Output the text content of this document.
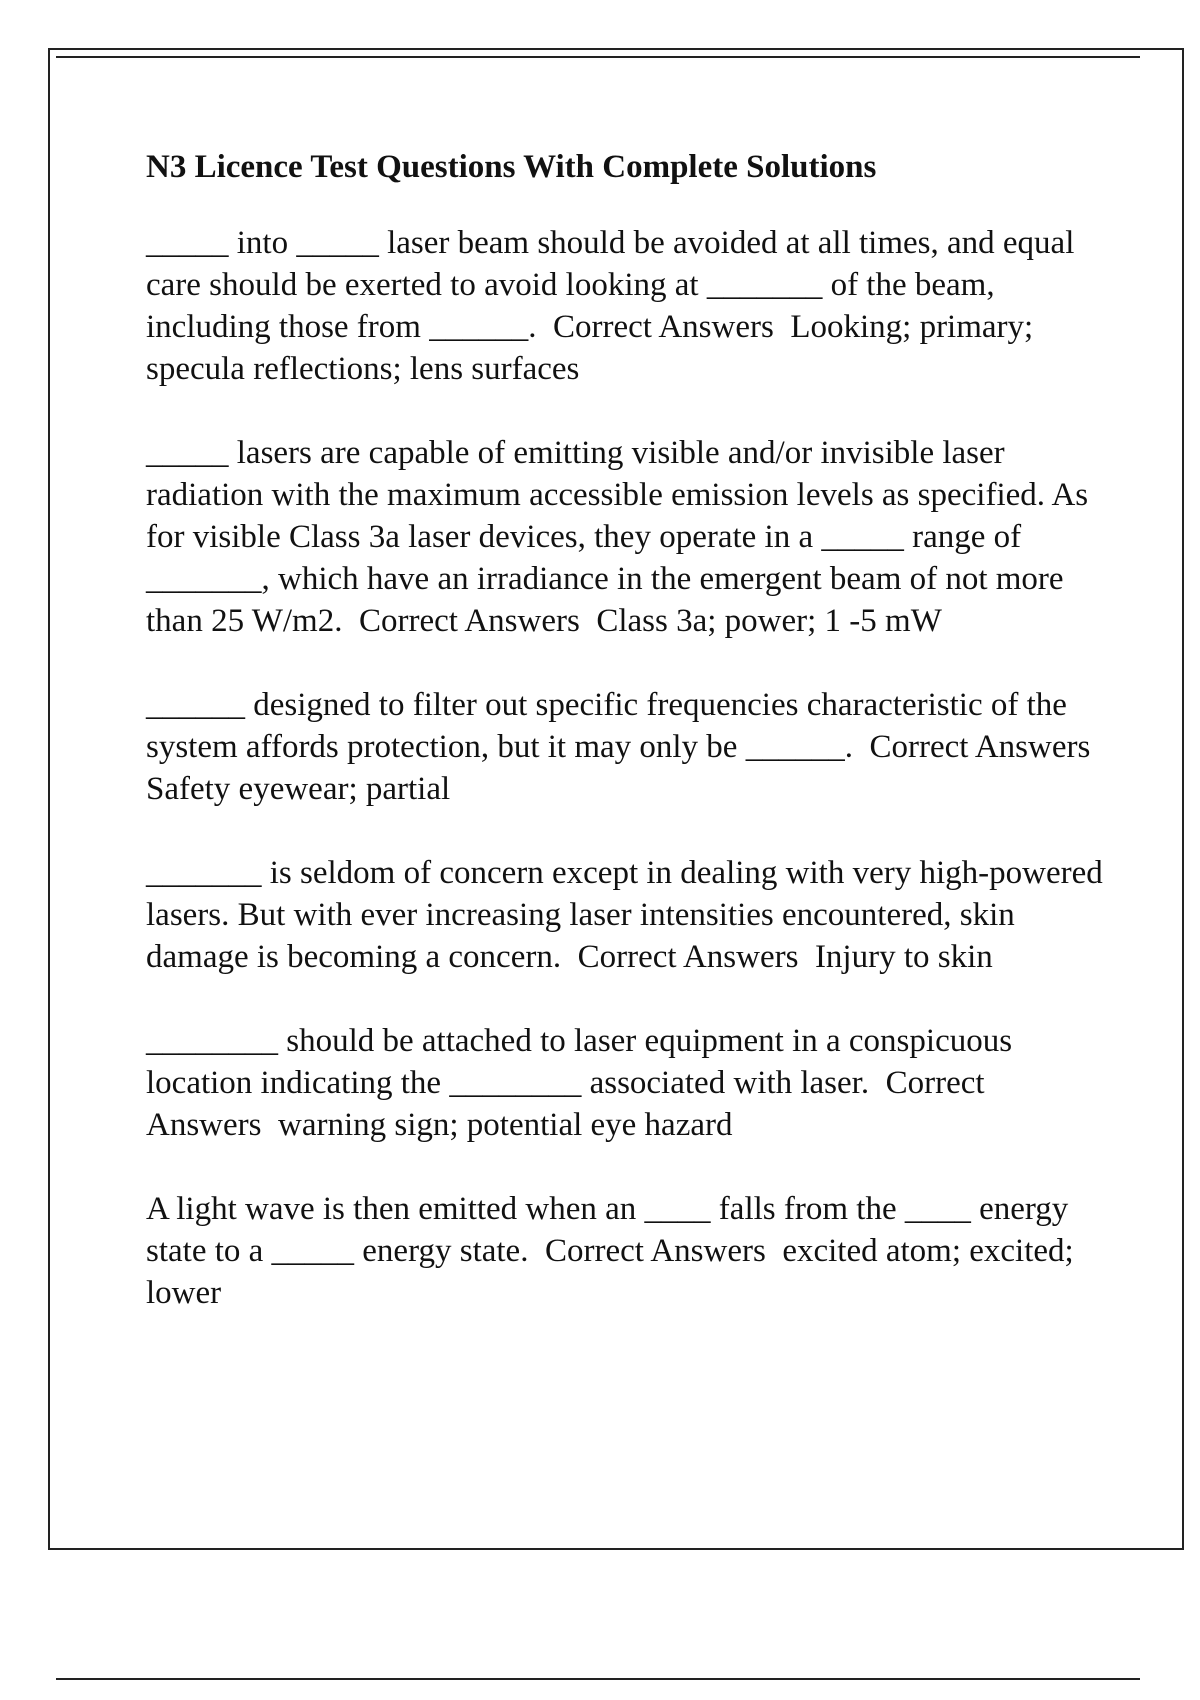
N3 Licence Test Questions With Complete Solutions

_____ into _____ laser beam should be avoided at all times, and equal care should be exerted to avoid looking at _______ of the beam, including those from ______.  Correct Answers  Looking; primary; specula reflections; lens surfaces

_____ lasers are capable of emitting visible and/or invisible laser radiation with the maximum accessible emission levels as specified. As for visible Class 3a laser devices, they operate in a _____ range of _______, which have an irradiance in the emergent beam of not more than 25 W/m2.  Correct Answers  Class 3a; power; 1 -5 mW

______ designed to filter out specific frequencies characteristic of the system affords protection, but it may only be ______.  Correct Answers  Safety eyewear; partial

_______ is seldom of concern except in dealing with very high-powered lasers. But with ever increasing laser intensities encountered, skin damage is becoming a concern.  Correct Answers  Injury to skin

________ should be attached to laser equipment in a conspicuous location indicating the ________ associated with laser.  Correct Answers  warning sign; potential eye hazard

A light wave is then emitted when an ____ falls from the ____ energy state to a _____ energy state.  Correct Answers  excited atom; excited; lower
